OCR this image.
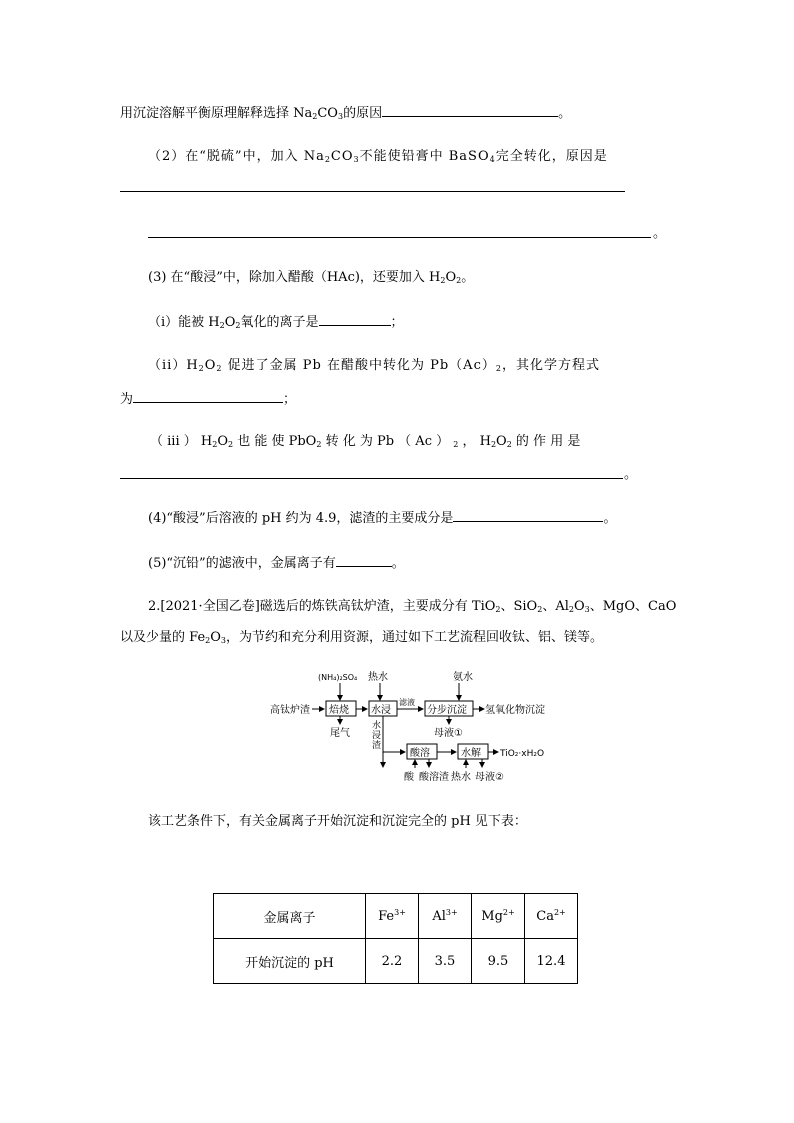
用沉淀溶解平衡原理解释选择 $Na_2CO_3$的原因	。
（2）在“脱硫”中，加入 $Na_2CO_3$不能使铅膏中 BaSO$_4$完全转化，原因是
。
(3) 在“酸浸”中，除加入醋酸（HAc)，还要加入 $H_2O_2$。
（i）能被 $H_2O_2$氧化的离子是	；
$(ii)H_2O_2$ 促进了金属 Pb 在醋酸中转化为 $Pb(Ac)_2$，其化学方程式
为	；
（ iii ） $H_2O_2$ 也 能 使 PbO$_2$ 转 化 为 Pb （ Ac ） $_2$ ， $H_2O_2$ 的 作 用 是
。
(4)“酸浸”后溶液的 pH 约为 4.9，滤渣的主要成分是	。
(5)“沉铅”的滤液中，金属离子有	。
2.[2021·全国乙卷]磁选后的炼铁高钛炉渣，主要成分有 TiO$_2$、SiO$_2$、$Al_2O_3$、MgO、CaO
以及少量的 $Fe_2O_3$，为节约和充分利用资源，通过如下工艺流程回收钛、铝、镁等。
(NH₄)₂SO₄
高钛炉渣 焙烧
尾气
热水
水浸
滤液
氨水
分步沉淀 氢氧化物沉淀
母液①
水
浸
渣
酸溶	水解 TiO₂·xH₂O
酸 酸溶渣 热水 母液②
该工艺条件下，有关金属离子开始沉淀和沉淀完全的 pH 见下表：
金属离子	$Fe^{3+}$	$Al^{3+}$	$Mg^{2+}$	$Ca^{2+}$
开始沉淀的 pH	2.2	3.5	9.5	12.4
